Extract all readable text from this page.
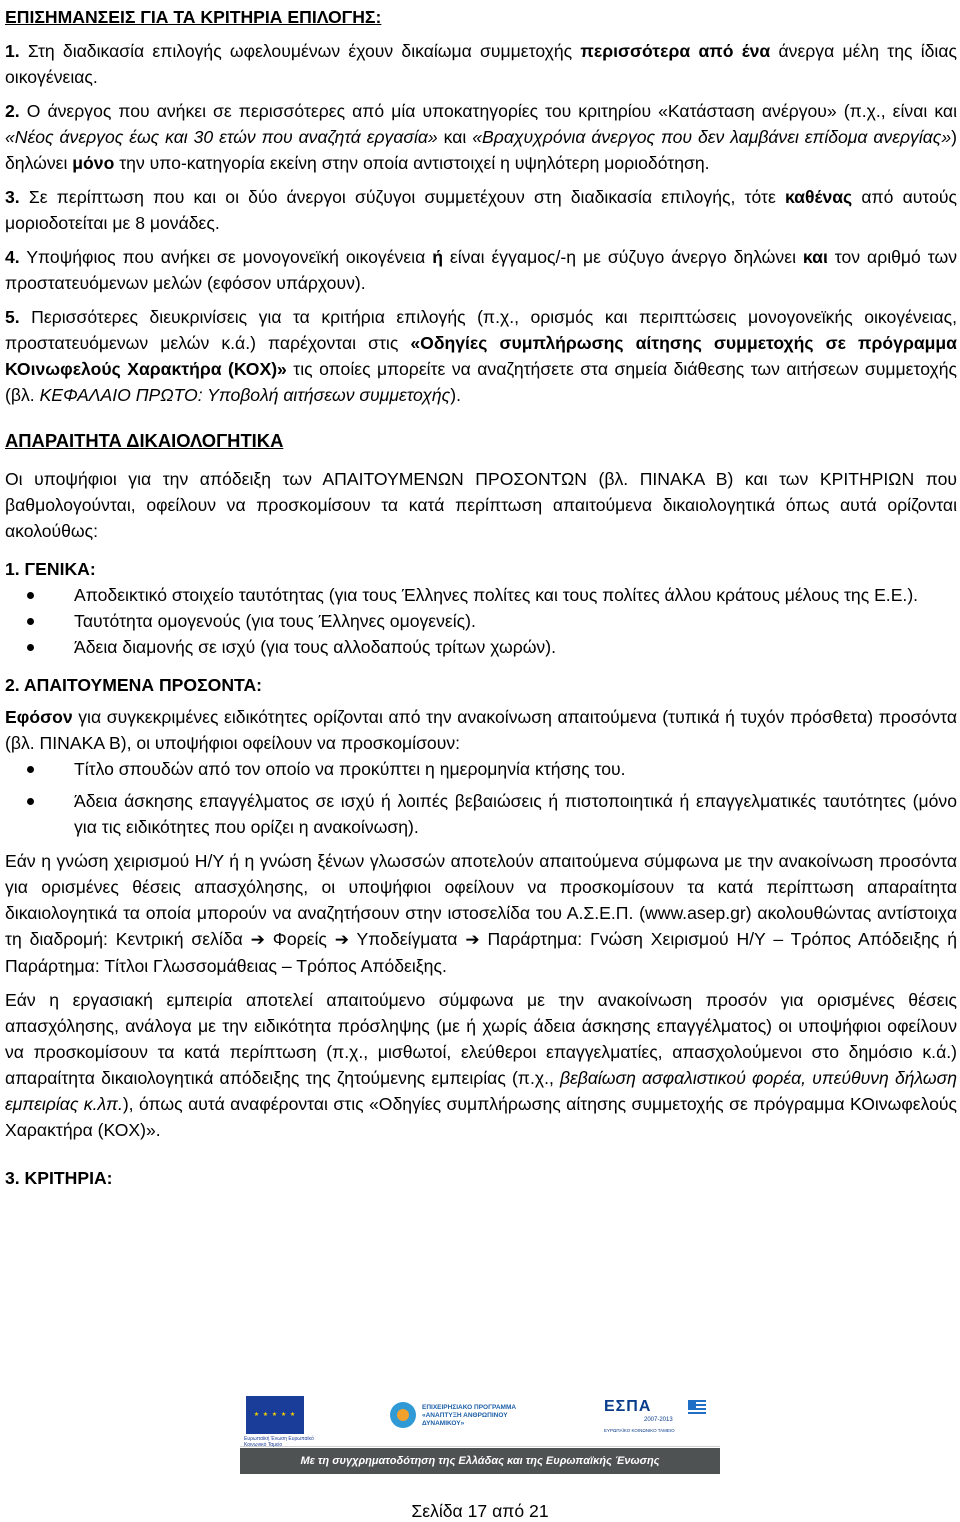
ΕΠΙΣΗΜΑΝΣΕΙΣ ΓΙΑ ΤΑ ΚΡΙΤΗΡΙΑ ΕΠΙΛΟΓΗΣ:

1. Στη διαδικασία επιλογής ωφελουμένων έχουν δικαίωμα συμμετοχής περισσότερα από ένα άνεργα μέλη της ίδιας οικογένειας.

2. Ο άνεργος που ανήκει σε περισσότερες από μία υποκατηγορίες του κριτηρίου «Κατάσταση ανέργου» (π.χ., είναι και «Νέος άνεργος έως και 30 ετών που αναζητά εργασία» και «Βραχυχρόνια άνεργος που δεν λαμβάνει επίδομα ανεργίας») δηλώνει μόνο την υπο-κατηγορία εκείνη στην οποία αντιστοιχεί η υψηλότερη μοριοδότηση.

3. Σε περίπτωση που και οι δύο άνεργοι σύζυγοι συμμετέχουν στη διαδικασία επιλογής, τότε καθένας από αυτούς μοριοδοτείται με 8 μονάδες.

4. Υποψήφιος που ανήκει σε μονογονεϊκή οικογένεια ή είναι έγγαμος/-η με σύζυγο άνεργο δηλώνει και τον αριθμό των προστατευόμενων μελών (εφόσον υπάρχουν).

5. Περισσότερες διευκρινίσεις για τα κριτήρια επιλογής (π.χ., ορισμός και περιπτώσεις μονογονεϊκής οικογένειας, προστατευόμενων μελών κ.ά.) παρέχονται στις «Οδηγίες συμπλήρωσης αίτησης συμμετοχής σε πρόγραμμα ΚΟινωφελούς Χαρακτήρα (ΚΟΧ)» τις οποίες μπορείτε να αναζητήσετε στα σημεία διάθεσης των αιτήσεων συμμετοχής (βλ. ΚΕΦΑΛΑΙΟ ΠΡΩΤΟ: Υποβολή αιτήσεων συμμετοχής).

ΑΠΑΡΑΙΤΗΤΑ ΔΙΚΑΙΟΛΟΓΗΤΙΚΑ

Οι υποψήφιοι για την απόδειξη των ΑΠΑΙΤΟΥΜΕΝΩΝ ΠΡΟΣΟΝΤΩΝ (βλ. ΠΙΝΑΚΑ Β) και των ΚΡΙΤΗΡΙΩΝ που βαθμολογούνται, οφείλουν να προσκομίσουν τα κατά περίπτωση απαιτούμενα δικαιολογητικά όπως αυτά ορίζονται ακολούθως:

1. ΓΕΝΙΚΑ:

Αποδεικτικό στοιχείο ταυτότητας (για τους Έλληνες πολίτες και τους πολίτες άλλου κράτους μέλους της Ε.Ε.).
Ταυτότητα ομογενούς (για τους Έλληνες ομογενείς).
Άδεια διαμονής σε ισχύ (για τους αλλοδαπούς τρίτων χωρών).

2. ΑΠΑΙΤΟΥΜΕΝΑ ΠΡΟΣΟΝΤΑ:

Εφόσον για συγκεκριμένες ειδικότητες ορίζονται από την ανακοίνωση απαιτούμενα (τυπικά ή τυχόν πρόσθετα) προσόντα (βλ. ΠΙΝΑΚΑ Β), οι υποψήφιοι οφείλουν να προσκομίσουν:

Τίτλο σπουδών από τον οποίο να προκύπτει η ημερομηνία κτήσης του.
Άδεια άσκησης επαγγέλματος σε ισχύ ή λοιπές βεβαιώσεις ή πιστοποιητικά ή επαγγελματικές ταυτότητες (μόνο για τις ειδικότητες που ορίζει η ανακοίνωση).

Εάν η γνώση χειρισμού Η/Υ ή η γνώση ξένων γλωσσών αποτελούν απαιτούμενα σύμφωνα με την ανακοίνωση προσόντα για ορισμένες θέσεις απασχόλησης, οι υποψήφιοι οφείλουν να προσκομίσουν τα κατά περίπτωση απαραίτητα δικαιολογητικά τα οποία μπορούν να αναζητήσουν στην ιστοσελίδα του Α.Σ.Ε.Π. (www.asep.gr) ακολουθώντας αντίστοιχα τη διαδρομή: Κεντρική σελίδα ➔ Φορείς ➔ Υποδείγματα ➔ Παράρτημα: Γνώση Χειρισμού Η/Υ – Τρόπος Απόδειξης ή Παράρτημα: Τίτλοι Γλωσσομάθειας – Τρόπος Απόδειξης.

Εάν η εργασιακή εμπειρία αποτελεί απαιτούμενο σύμφωνα με την ανακοίνωση προσόν για ορισμένες θέσεις απασχόλησης, ανάλογα με την ειδικότητα πρόσληψης (με ή χωρίς άδεια άσκησης επαγγέλματος) οι υποψήφιοι οφείλουν να προσκομίσουν τα κατά περίπτωση (π.χ., μισθωτοί, ελεύθεροι επαγγελματίες, απασχολούμενοι στο δημόσιο κ.ά.) απαραίτητα δικαιολογητικά απόδειξης της ζητούμενης εμπειρίας (π.χ., βεβαίωση ασφαλιστικού φορέα, υπεύθυνη δήλωση εμπειρίας κ.λπ.), όπως αυτά αναφέρονται στις «Οδηγίες συμπλήρωσης αίτησης συμμετοχής σε πρόγραμμα ΚΟινωφελούς Χαρακτήρα (ΚΟΧ)».

3. ΚΡΙΤΗΡΙΑ:

★ ★ ★ ★ ★
Ευρωπαϊκή Ένωση Ευρωπαϊκό Κοινωνικό Ταμείο
ΕΠΙΧΕΙΡΗΣΙΑΚΟ ΠΡΟΓΡΑΜΜΑ «ΑΝΑΠΤΥΞΗ ΑΝΘΡΩΠΙΝΟΥ ΔΥΝΑΜΙΚΟΥ»
ΕΣΠΑ
2007-2013
ΕΥΡΩΠΑΪΚΟ ΚΟΙΝΩΝΙΚΟ ΤΑΜΕΙΟ
Με τη συγχρηματοδότηση της Ελλάδας και της Ευρωπαϊκής Ένωσης
Σελίδα 17 από 21
